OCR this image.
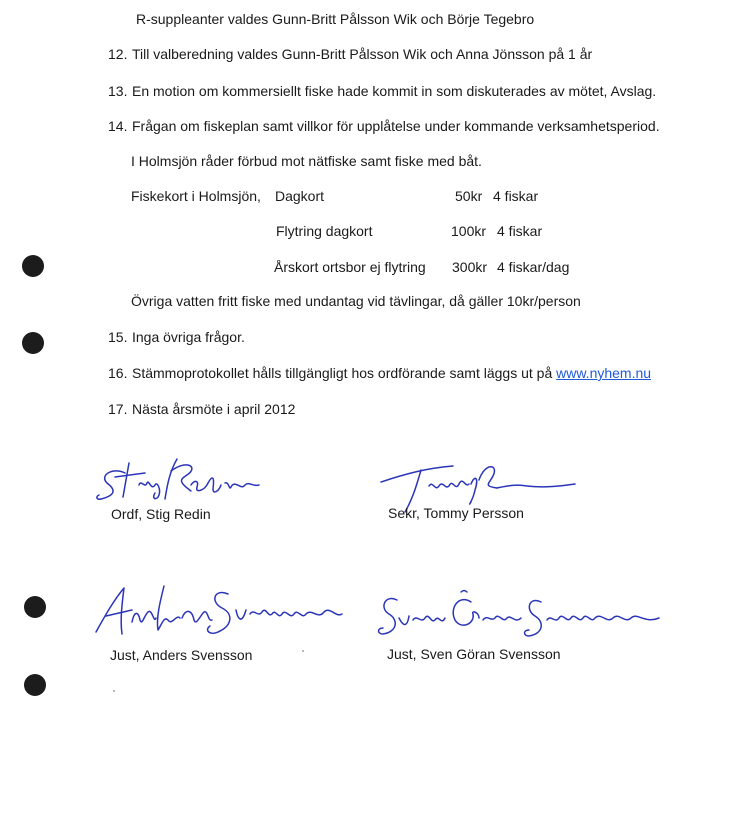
R-suppleanter valdes Gunn-Britt Pålsson Wik och Börje Tegebro
12. Till valberedning valdes Gunn-Britt Pålsson Wik och Anna Jönsson på 1 år
13. En motion om kommersiellt fiske hade kommit in som diskuterades av mötet, Avslag.
14. Frågan om fiskeplan samt villkor för upplåtelse under kommande verksamhetsperiod.
I Holmsjön råder förbud mot nätfiske samt fiske med båt.
Fiskekort i Holmsjön, Dagkort	50kr 4 fiskar
Flytring dagkort	100kr 4 fiskar
Årskort ortsbor ej flytring 300kr 4 fiskar/dag
Övriga vatten fritt fiske med undantag vid tävlingar, då gäller 10kr/person
15. Inga övriga frågor.
16. Stämmoprotokollet hålls tillgängligt hos ordförande samt läggs ut på www.nyhem.nu
17. Nästa årsmöte i april 2012
Ordf, Stig Redin	Sekr, Tommy Persson
Just, Anders Svensson	Just, Sven Göran Svensson
